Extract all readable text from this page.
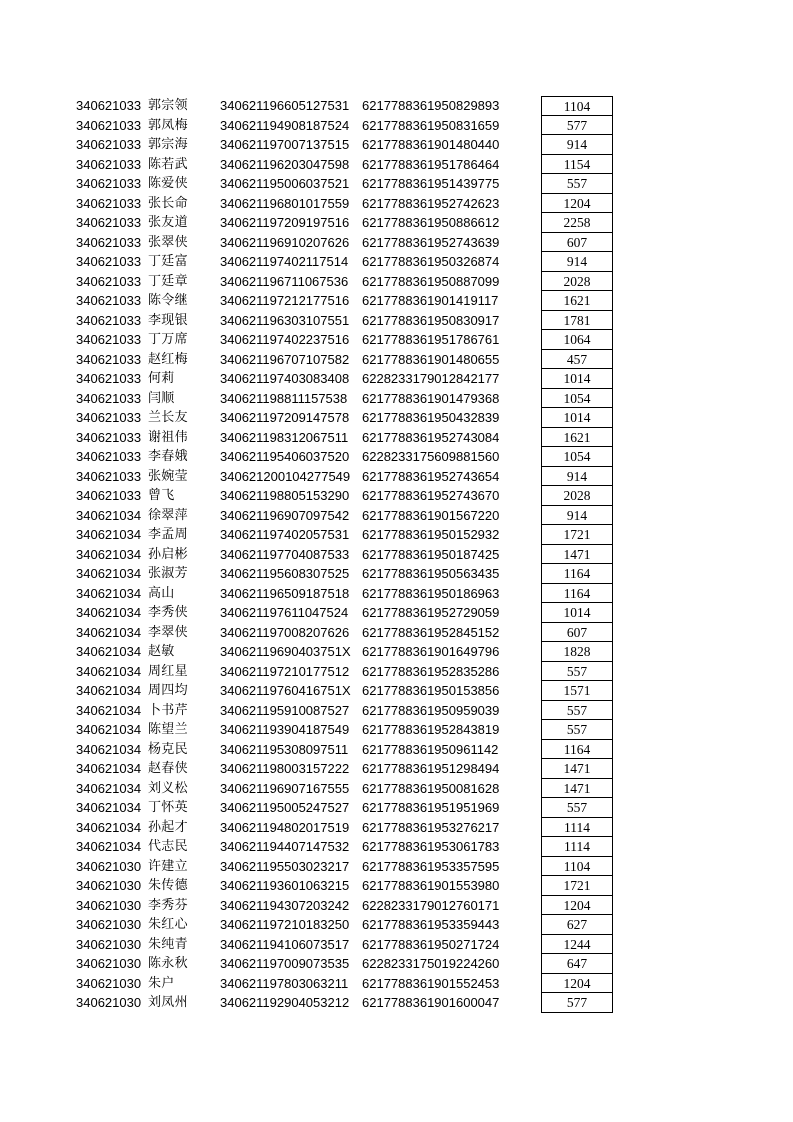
340621033 郭宗领	340621196605127531 6217788361950829893	1104
340621033 郭凤梅	340621194908187524 6217788361950831659	577
340621033 郭宗海	340621197007137515 6217788361901480440	914
340621033 陈若武	340621196203047598 6217788361951786464	1154
340621033 陈爱侠	340621195006037521 6217788361951439775	557
340621033 张长命	340621196801017559 6217788361952742623	1204
340621033 张友道	340621197209197516 6217788361950886612	2258
340621033 张翠侠	340621196910207626 6217788361952743639	607
340621033 丁廷富	340621197402117514	6217788361950326874	914
340621033 丁廷章	340621196711067536	6217788361950887099	2028
340621033 陈令继	340621197212177516 6217788361901419117	1621
340621033 李现银	340621196303107551 6217788361950830917	1781
340621033 丁万席	340621197402237516 6217788361951786761	1064
340621033 赵红梅	340621196707107582 6217788361901480655	457
340621033 何莉	340621197403083408 6228233179012842177	1014
340621033 闫顺	340621198811157538	6217788361901479368	1054
340621033 兰长友	340621197209147578 6217788361950432839	1014
340621033 谢祖伟	340621198312067511	6217788361952743084	1621
340621033 李春娥	340621195406037520 6228233175609881560	1054
340621033 张婉莹	340621200104277549 6217788361952743654	914
340621033 曾飞	340621198805153290 6217788361952743670	2028
340621034 徐翠萍	340621196907097542 6217788361901567220	914
340621034 李孟周	340621197402057531 6217788361950152932	1721
340621034 孙启彬	340621197704087533 6217788361950187425	1471
340621034 张淑芳	340621195608307525 6217788361950563435	1164
340621034 高山	340621196509187518 6217788361950186963	1164
340621034 李秀侠	340621197611047524	6217788361952729059	1014
340621034 李翠侠	340621197008207626 6217788361952845152	607
340621034 赵敏	34062119690403751X 6217788361901649796	1828
340621034 周红星	340621197210177512 6217788361952835286	557
340621034 周四均	34062119760416751X 6217788361950153856	1571
340621034 卜书芹	340621195910087527 6217788361950959039	557
340621034 陈望兰	340621193904187549 6217788361952843819	557
340621034 杨克民	340621195308097511	6217788361950961142	1164
340621034 赵春侠	340621198003157222 6217788361951298494	1471
340621034 刘义松	340621196907167555 6217788361950081628	1471
340621034 丁怀英	340621195005247527 6217788361951951969	557
340621034 孙起才	340621194802017519 6217788361953276217	1114
340621034 代志民	340621194407147532 6217788361953061783	1114
340621030 许建立	340621195503023217 6217788361953357595	1104
340621030 朱传德	340621193601063215 6217788361901553980	1721
340621030 李秀芬	340621194307203242 6228233179012760171	1204
340621030 朱红心	340621197210183250 6217788361953359443	627
340621030 朱纯青	340621194106073517 6217788361950271724	1244
340621030 陈永秋	340621197009073535 6228233175019224260	647
340621030 朱户	340621197803063211	6217788361901552453	1204
340621030 刘凤州	340621192904053212 6217788361901600047	577
